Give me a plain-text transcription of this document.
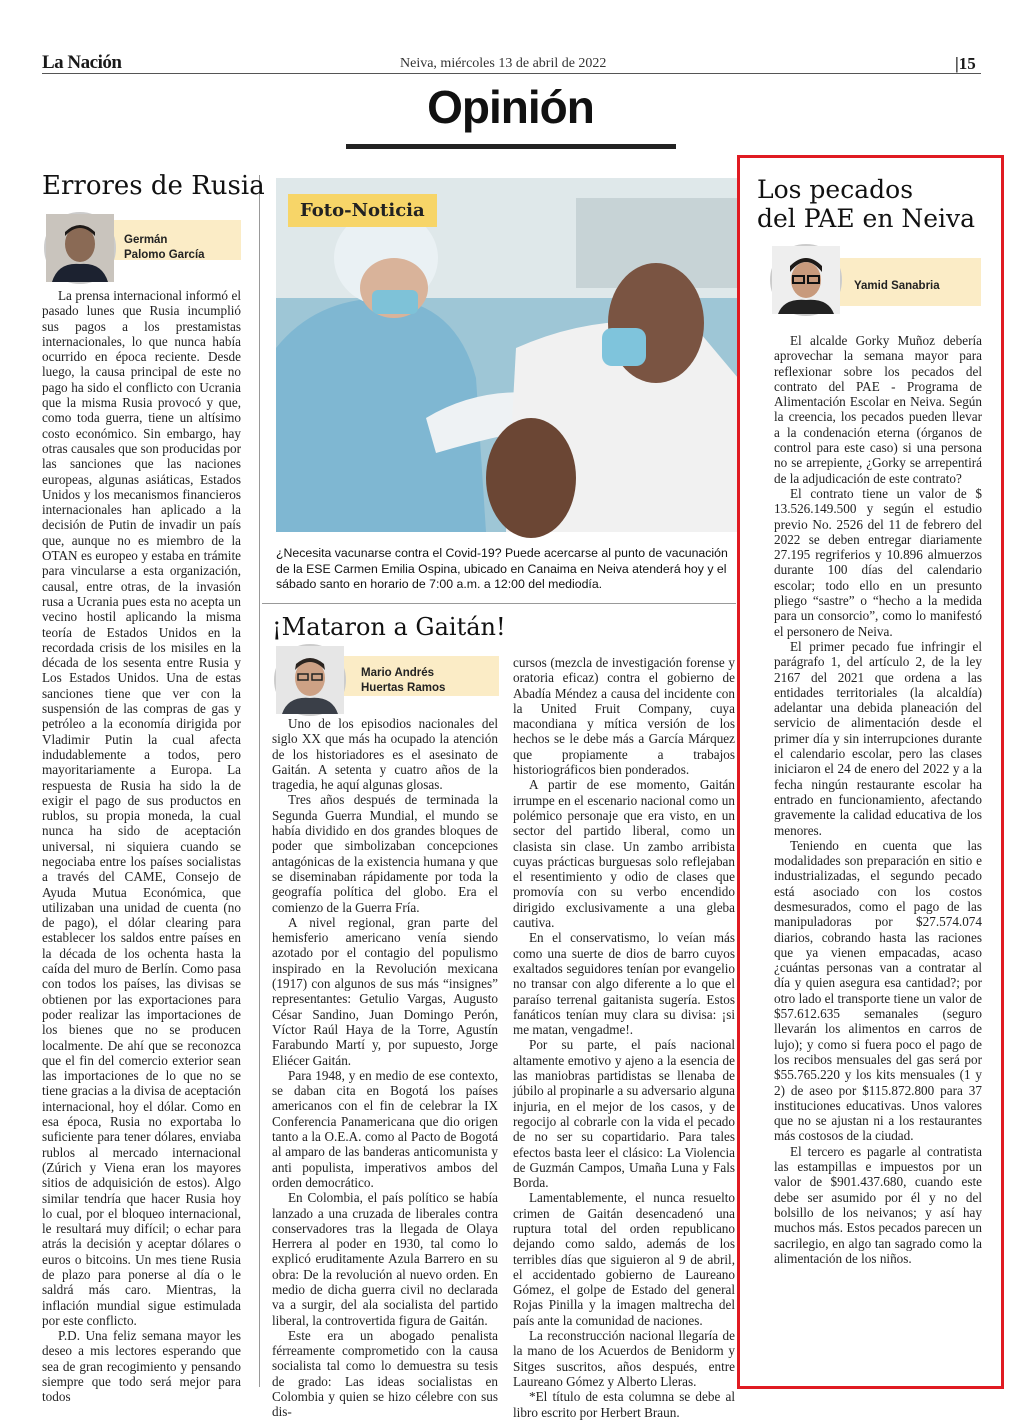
La Nación	Neiva, miércoles 13 de abril de 2022	|15
Opinión
Errores de Rusia
Germán
Palomo García

La prensa internacional informó el pasado lunes que Rusia incumplió sus pagos a los prestamistas internacionales, lo que nunca había ocurrido en época reciente. Desde luego, la causa principal de este no pago ha sido el conflicto con Ucrania que la misma Rusia provocó y que, como toda guerra, tiene un altísimo costo económico. Sin embargo, hay otras causales que son producidas por las sanciones que las naciones europeas, algunas asiáticas, Estados Unidos y los mecanismos financieros internacionales han aplicado a la decisión de Putin de invadir un país que, aunque no es miembro de la OTAN es europeo y estaba en trámite para vincularse a esta organización, causal, entre otras, de la invasión rusa a Ucrania pues esta no acepta un vecino hostil aplicando la misma teoría de Estados Unidos en la recordada crisis de los misiles en la década de los sesenta entre Rusia y Los Estados Unidos. Una de estas sanciones tiene que ver con la suspensión de las compras de gas y petróleo a la economía dirigida por Vladimir Putin la cual afecta indudablemente a todos, pero mayoritariamente a Europa. La respuesta de Rusia ha sido la de exigir el pago de sus productos en rublos, su propia moneda, la cual nunca ha sido de aceptación universal, ni siquiera cuando se negociaba entre los países socialistas a través del CAME, Consejo de Ayuda Mutua Económica, que utilizaban una unidad de cuenta (no de pago), el dólar clearing para establecer los saldos entre países en la década de los ochenta hasta la caída del muro de Berlín. Como pasa con todos los países, las divisas se obtienen por las exportaciones para poder realizar las importaciones de los bienes que no se producen localmente. De ahí que se reconozca que el fin del comercio exterior sean las importaciones de lo que no se tiene gracias a la divisa de aceptación internacional, hoy el dólar. Como en esa época, Rusia no exportaba lo suficiente para tener dólares, enviaba rublos al mercado internacional (Zúrich y Viena eran los mayores sitios de adquisición de estos). Algo similar tendría que hacer Rusia hoy lo cual, por el bloqueo internacional, le resultará muy difícil; o echar para atrás la decisión y aceptar dólares o euros o bitcoins. Un mes tiene Rusia de plazo para ponerse al día o le saldrá más caro. Mientras, la inflación mundial sigue estimulada por este conflicto.

P.D. Una feliz semana mayor les deseo a mis lectores esperando que sea de gran recogimiento y pensando siempre que todo será mejor para todos

Foto-Noticia
¿Necesita vacunarse contra el Covid-19? Puede acercarse al punto de vacunación de la ESE Carmen Emilia Ospina, ubicado en Canaima en Neiva atenderá hoy y el sábado santo en horario de 7:00 a.m. a 12:00 del mediodía.
¡Mataron a Gaitán!
Mario Andrés
Huertas Ramos

Uno de los episodios nacionales del siglo XX que más ha ocupado la atención de los historiadores es el asesinato de Gaitán. A setenta y cuatro años de la tragedia, he aquí algunas glosas.

Tres años después de terminada la Segunda Guerra Mundial, el mundo se había dividido en dos grandes bloques de poder que simbolizaban concepciones antagónicas de la existencia humana y que se diseminaban rápidamente por toda la geografía política del globo. Era el comienzo de la Guerra Fría.

A nivel regional, gran parte del hemisferio americano venía siendo azotado por el contagio del populismo inspirado en la Revolución mexicana (1917) con algunos de sus más “insignes” representantes: Getulio Vargas, Augusto César Sandino, Juan Domingo Perón, Víctor Raúl Haya de la Torre, Agustín Farabundo Martí y, por supuesto, Jorge Eliécer Gaitán.

Para 1948, y en medio de ese contexto, se daban cita en Bogotá los países americanos con el fin de celebrar la IX Conferencia Panamericana que dio origen tanto a la O.E.A. como al Pacto de Bogotá al amparo de las banderas anticomunista y anti populista, imperativos ambos del orden democrático.

En Colombia, el país político se había lanzado a una cruzada de liberales contra conservadores tras la llegada de Olaya Herrera al poder en 1930, tal como lo explicó eruditamente Azula Barrero en su obra: De la revolución al nuevo orden. En medio de dicha guerra civil no declarada va a surgir, del ala socialista del partido liberal, la controvertida figura de Gaitán.

Este era un abogado penalista férreamente comprometido con la causa socialista tal como lo demuestra su tesis de grado: Las ideas socialistas en Colombia y quien se hizo célebre con sus dis-

cursos (mezcla de investigación forense y oratoria eficaz) contra el gobierno de Abadía Méndez a causa del incidente con la United Fruit Company, cuya macondiana y mítica versión de los hechos se le debe más a García Márquez que propiamente a trabajos historiográficos bien ponderados.

A partir de ese momento, Gaitán irrumpe en el escenario nacional como un polémico personaje que era visto, en un sector del partido liberal, como un clasista sin clase. Un zambo arribista cuyas prácticas burguesas solo reflejaban el resentimiento y odio de clases que promovía con su verbo encendido dirigido exclusivamente a una gleba cautiva.

En el conservatismo, lo veían más como una suerte de dios de barro cuyos exaltados seguidores tenían por evangelio no transar con algo diferente a lo que el paraíso terrenal gaitanista sugería. Estos fanáticos tenían muy clara su divisa: ¡si me matan, vengadme!.

Por su parte, el país nacional altamente emotivo y ajeno a la esencia de las maniobras partidistas se llenaba de júbilo al propinarle a su adversario alguna injuria, en el mejor de los casos, y de regocijo al cobrarle con la vida el pecado de no ser su copartidario. Para tales efectos basta leer el clásico: La Violencia de Guzmán Campos, Umaña Luna y Fals Borda.

Lamentablemente, el nunca resuelto crimen de Gaitán desencadenó una ruptura total del orden republicano dejando como saldo, además de los terribles días que siguieron al 9 de abril, el accidentado gobierno de Laureano Gómez, el golpe de Estado del general Rojas Pinilla y la imagen maltrecha del país ante la comunidad de naciones.

La reconstrucción nacional llegaría de la mano de los Acuerdos de Benidorm y Sitges suscritos, años después, entre Laureano Gómez y Alberto Lleras.

*El título de esta columna se debe al libro escrito por Herbert Braun.

Los pecados
del PAE en Neiva
Yamid Sanabria

El alcalde Gorky Muñoz debería aprovechar la semana mayor para reflexionar sobre los pecados del contrato del PAE - Programa de Alimentación Escolar en Neiva. Según la creencia, los pecados pueden llevar a la condenación eterna (órganos de control para este caso) si una persona no se arrepiente, ¿Gorky se arrepentirá de la adjudicación de este contrato?

El contrato tiene un valor de $ 13.526.149.500 y según el estudio previo No. 2526 del 11 de febrero del 2022 se deben entregar diariamente 27.195 regriferios y 10.896 almuerzos durante 100 días del calendario escolar; todo ello en un presunto pliego “sastre” o “hecho a la medida para un consorcio”, como lo manifestó el personero de Neiva.

El primer pecado fue infringir el parágrafo 1, del artículo 2, de la ley 2167 del 2021 que ordena a las entidades territoriales (la alcaldía) adelantar una debida planeación del servicio de alimentación desde el primer día y sin interrupciones durante el calendario escolar, pero las clases iniciaron el 24 de enero del 2022 y a la fecha ningún restaurante escolar ha entrado en funcionamiento, afectando gravemente la calidad educativa de los menores.

Teniendo en cuenta que las modalidades son preparación en sitio e industrializadas, el segundo pecado está asociado con los costos desmesurados, como el pago de las manipuladoras por $27.574.074 diarios, cobrando hasta las raciones que ya vienen empacadas, acaso ¿cuántas personas van a contratar al día y quien asegura esa cantidad?; por otro lado el transporte tiene un valor de $57.612.635 semanales (seguro llevarán los alimentos en carros de lujo); y como si fuera poco el pago de los recibos mensuales del gas será por $55.765.220 y los kits mensuales (1 y 2) de aseo por $115.872.800 para 37 instituciones educativas. Unos valores que no se ajustan ni a los restaurantes más costosos de la ciudad.

El tercero es pagarle al contratista las estampillas e impuestos por un valor de $901.437.680, cuando este debe ser asumido por él y no del bolsillo de los neivanos; y así hay muchos más. Estos pecados parecen un sacrilegio, en algo tan sagrado como la alimentación de los niños.
